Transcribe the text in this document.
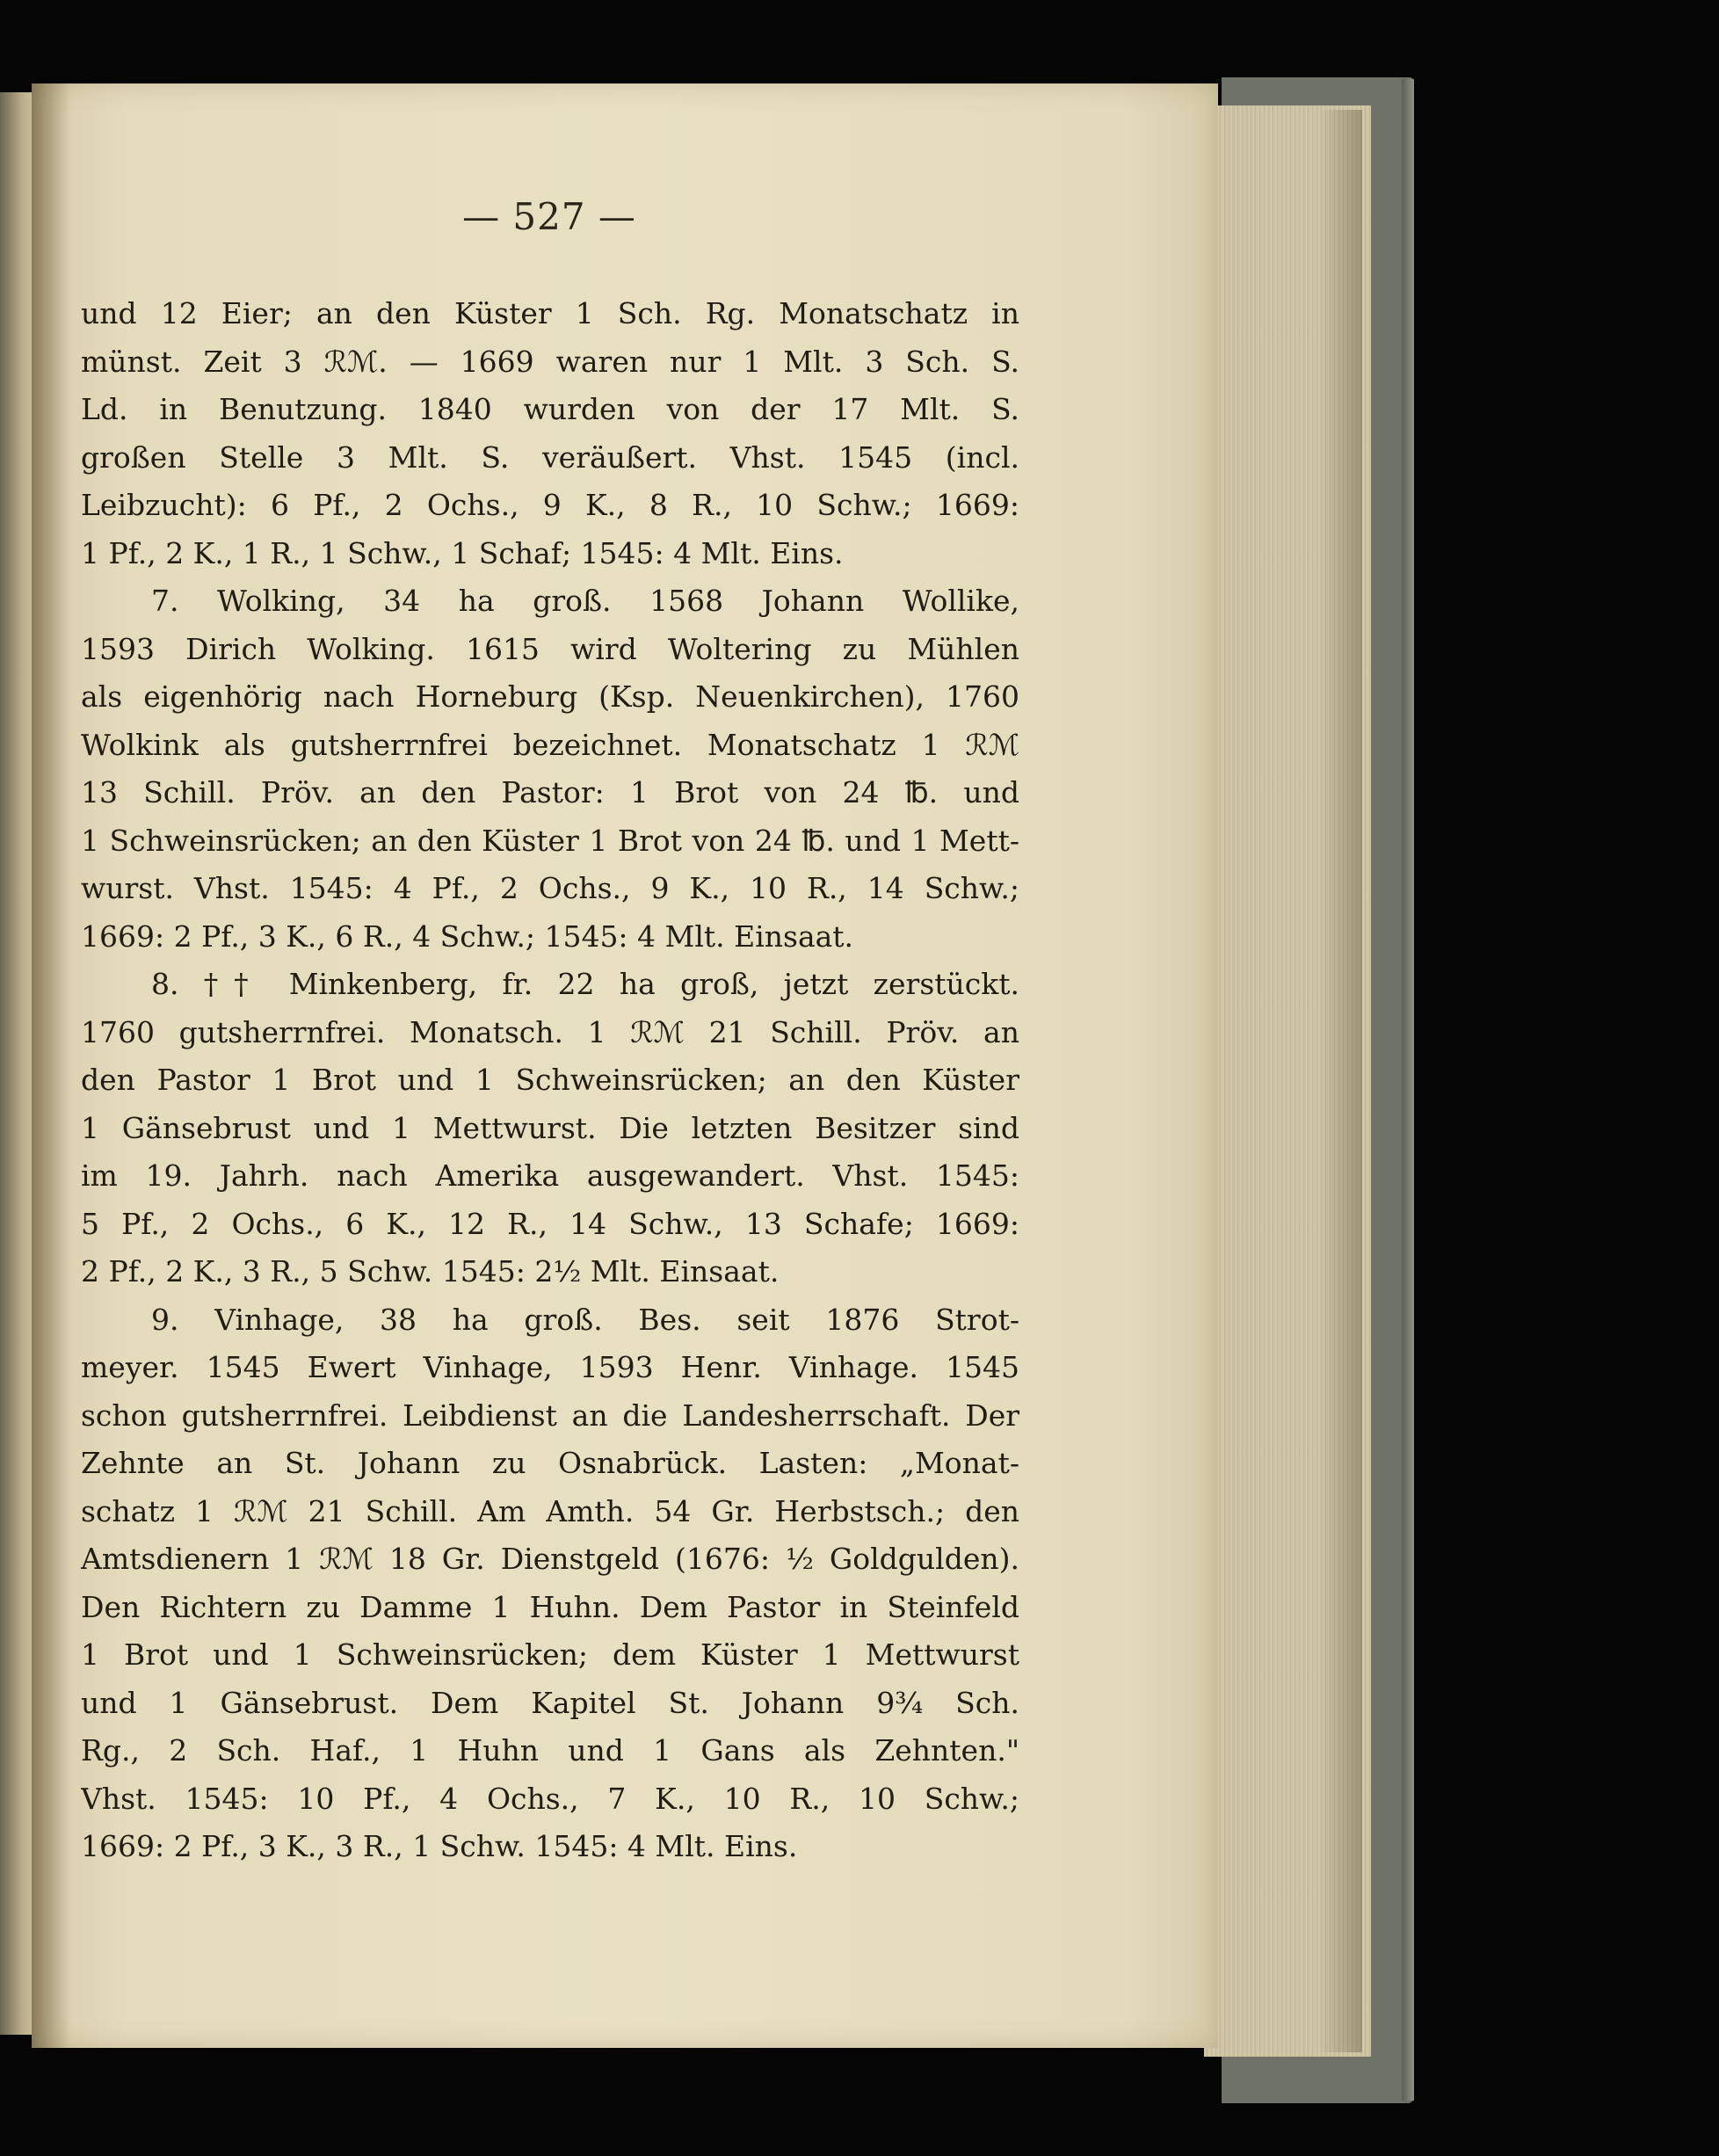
— 527 —
und 12 Eier; an den Küster 1 Sch. Rg. Monatschatz in
münst. Zeit 3 ℛℳ. — 1669 waren nur 1 Mlt. 3 Sch. S.
Ld. in Benutzung. 1840 wurden von der 17 Mlt. S.
großen Stelle 3 Mlt. S. veräußert. Vhst. 1545 (incl.
Leibzucht): 6 Pf., 2 Ochs., 9 K., 8 R., 10 Schw.; 1669:
1 Pf., 2 K., 1 R., 1 Schw., 1 Schaf; 1545: 4 Mlt. Eins.
7. Wolking, 34 ha groß. 1568 Johann Wollike,
1593 Dirich Wolking. 1615 wird Woltering zu Mühlen
als eigenhörig nach Horneburg (Ksp. Neuenkirchen), 1760
Wolkink als gutsherrnfrei bezeichnet. Monatschatz 1 ℛℳ
13 Schill. Pröv. an den Pastor: 1 Brot von 24 ℔. und
1 Schweinsrücken; an den Küster 1 Brot von 24 ℔. und 1 Mett-
wurst. Vhst. 1545: 4 Pf., 2 Ochs., 9 K., 10 R., 14 Schw.;
1669: 2 Pf., 3 K., 6 R., 4 Schw.; 1545: 4 Mlt. Einsaat.
8. †† Minkenberg, fr. 22 ha groß, jetzt zerstückt.
1760 gutsherrnfrei. Monatsch. 1 ℛℳ 21 Schill. Pröv. an
den Pastor 1 Brot und 1 Schweinsrücken; an den Küster
1 Gänsebrust und 1 Mettwurst. Die letzten Besitzer sind
im 19. Jahrh. nach Amerika ausgewandert. Vhst. 1545:
5 Pf., 2 Ochs., 6 K., 12 R., 14 Schw., 13 Schafe; 1669:
2 Pf., 2 K., 3 R., 5 Schw. 1545: 2½ Mlt. Einsaat.
9. Vinhage, 38 ha groß. Bes. seit 1876 Strot-
meyer. 1545 Ewert Vinhage, 1593 Henr. Vinhage. 1545
schon gutsherrnfrei. Leibdienst an die Landesherrschaft. Der
Zehnte an St. Johann zu Osnabrück. Lasten: „Monat-
schatz 1 ℛℳ 21 Schill. Am Amth. 54 Gr. Herbstsch.; den
Amtsdienern 1 ℛℳ 18 Gr. Dienstgeld (1676: ½ Goldgulden).
Den Richtern zu Damme 1 Huhn. Dem Pastor in Steinfeld
1 Brot und 1 Schweinsrücken; dem Küster 1 Mettwurst
und 1 Gänsebrust. Dem Kapitel St. Johann 9¾ Sch.
Rg., 2 Sch. Haf., 1 Huhn und 1 Gans als Zehnten."
Vhst. 1545: 10 Pf., 4 Ochs., 7 K., 10 R., 10 Schw.;
1669: 2 Pf., 3 K., 3 R., 1 Schw. 1545: 4 Mlt. Eins.
